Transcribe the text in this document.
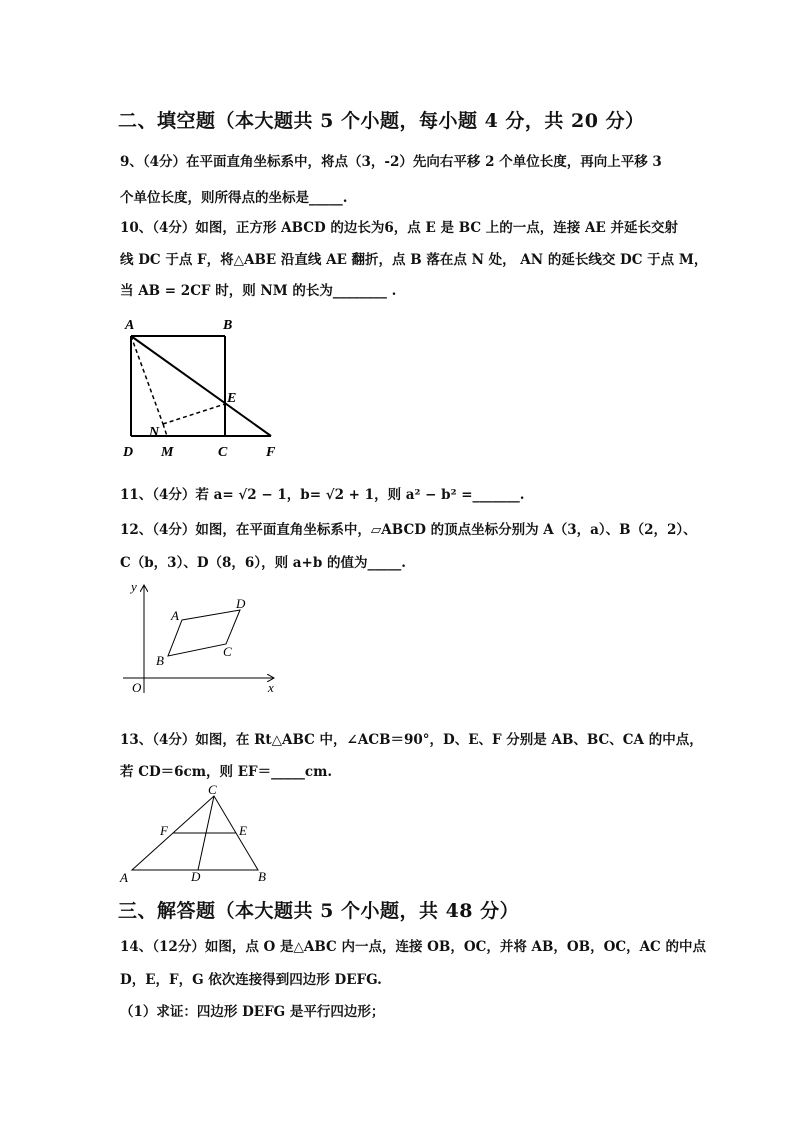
二、填空题（本大题共 5 个小题，每小题 4 分，共 20 分）
9、（4分）在平面直角坐标系中，将点（3，-2）先向右平移 2 个单位长度，再向上平移 3
个单位长度，则所得点的坐标是_____.
10、（4分）如图，正方形 ABCD 的边长为6，点 E 是 BC 上的一点，连接 AE 并延长交射
线 DC 于点 F，将△ABE 沿直线 AE 翻折，点 B 落在点 N 处， AN 的延长线交 DC 于点 M，
当 AB = 2CF 时，则 NM 的长为________ .
A	B
E
N
D M	C	F
11、（4分）若 a= √2 − 1，b= √2 + 1，则 a² − b² =_______.
12、（4分）如图，在平面直角坐标系中，▱ABCD 的顶点坐标分别为 A（3，a）、B（2，2）、
C（b，3）、D（8，6），则 a+b 的值为_____.
y
x
O
A
D
C
B
13、（4分）如图，在 Rt△ABC 中，∠ACB＝90°，D、E、F 分别是 AB、BC、CA 的中点，
若 CD＝6cm，则 EF＝_____cm.
C
F	E
A	D	B
三、解答题（本大题共 5 个小题，共 48 分）
14、（12分）如图，点 O 是△ABC 内一点，连接 OB，OC，并将 AB，OB，OC，AC 的中点
D，E，F，G 依次连接得到四边形 DEFG.
（1）求证：四边形 DEFG 是平行四边形；
